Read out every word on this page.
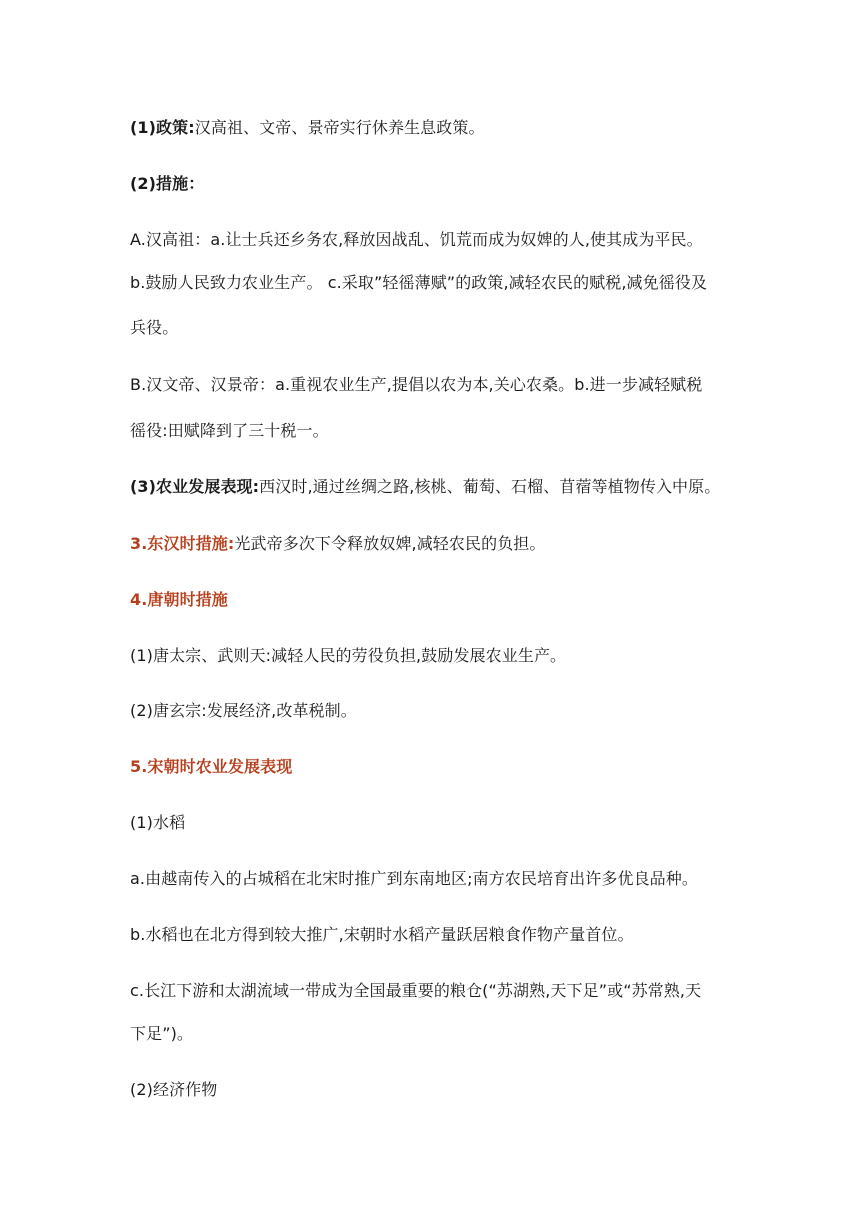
(1)政策:汉高祖、文帝、景帝实行休养生息政策。
(2)措施：
A.汉高祖：a.让士兵还乡务农,释放因战乱、饥荒而成为奴婢的人,使其成为平民。
b.鼓励人民致力农业生产。 c.采取”轻徭薄赋”的政策,减轻农民的赋税,减免徭役及
兵役。
B.汉文帝、汉景帝：a.重视农业生产,提倡以农为本,关心农桑。b.进一步减轻赋税
徭役:田赋降到了三十税一。
(3)农业发展表现:西汉时,通过丝绸之路,核桃、葡萄、石榴、苜蓿等植物传入中原。
3.东汉时措施:光武帝多次下令释放奴婢,减轻农民的负担。
4.唐朝时措施
(1)唐太宗、武则天:减轻人民的劳役负担,鼓励发展农业生产。
(2)唐玄宗:发展经济,改革税制。
5.宋朝时农业发展表现
(1)水稻
a.由越南传入的占城稻在北宋时推广到东南地区;南方农民培育出许多优良品种。
b.水稻也在北方得到较大推广,宋朝时水稻产量跃居粮食作物产量首位。
c.长江下游和太湖流域一带成为全国最重要的粮仓(“苏湖熟,天下足”或“苏常熟,天
下足”)。
(2)经济作物
